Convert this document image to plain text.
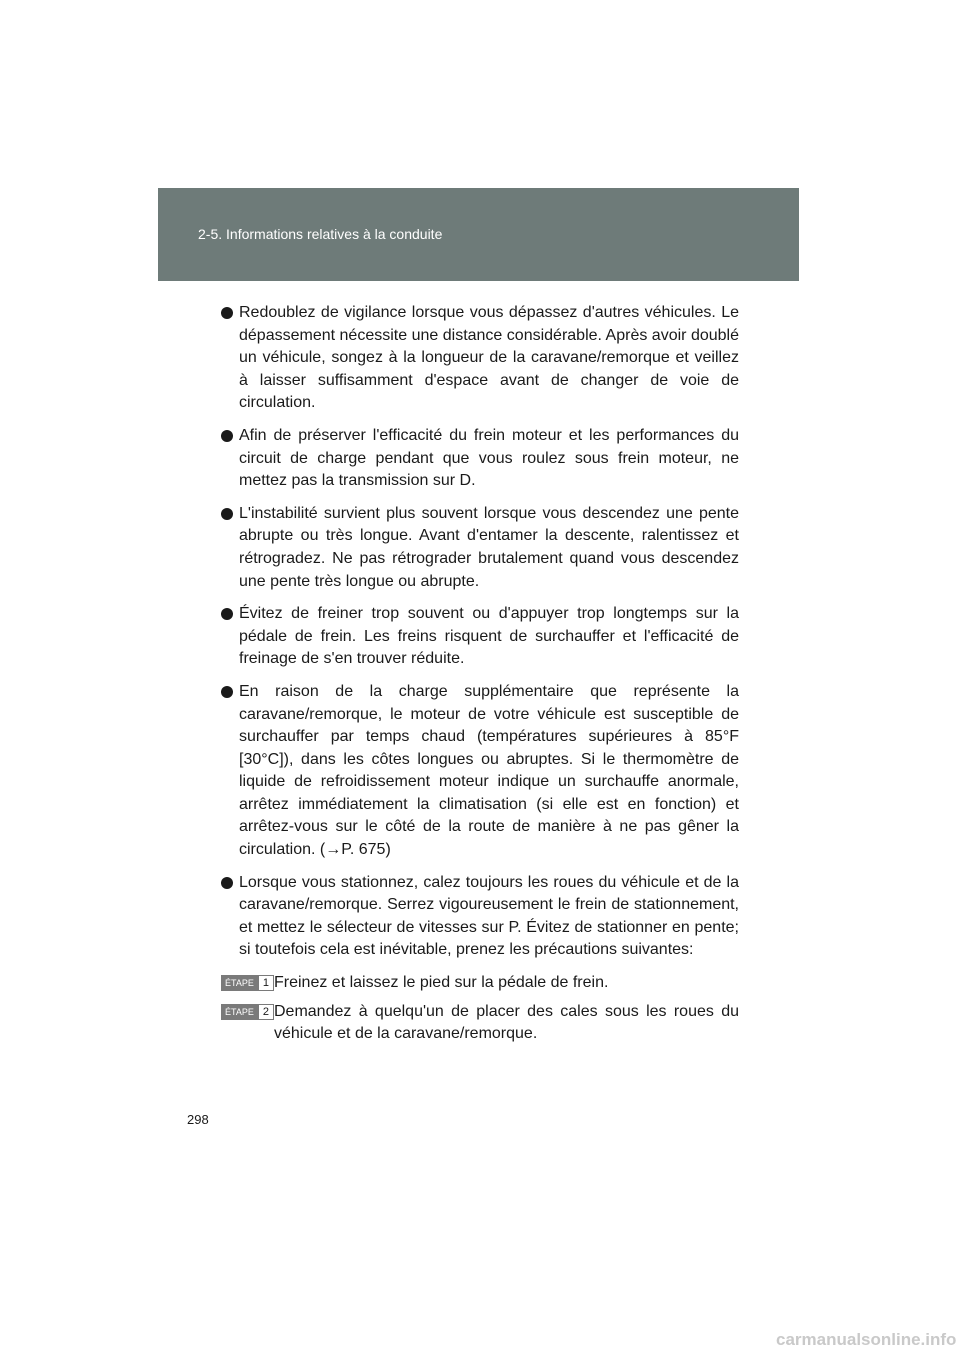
2-5. Informations relatives à la conduite
Redoublez de vigilance lorsque vous dépassez d'autres véhicules. Le dépassement nécessite une distance considérable. Après avoir doublé un véhicule, songez à la longueur de la caravane/remorque et veillez à laisser suffisamment d'espace avant de changer de voie de circulation.
Afin de préserver l'efficacité du frein moteur et les performances du circuit de charge pendant que vous roulez sous frein moteur, ne mettez pas la transmission sur D.
L'instabilité survient plus souvent lorsque vous descendez une pente abrupte ou très longue. Avant d'entamer la descente, ralentissez et rétrogradez. Ne pas rétrograder brutalement quand vous descendez une pente très longue ou abrupte.
Évitez de freiner trop souvent ou d'appuyer trop longtemps sur la pédale de frein. Les freins risquent de surchauffer et l'efficacité de freinage de s'en trouver réduite.
En raison de la charge supplémentaire que représente la caravane/remorque, le moteur de votre véhicule est susceptible de surchauffer par temps chaud (températures supérieures à 85°F [30°C]), dans les côtes longues ou abruptes. Si le thermomètre de liquide de refroidissement moteur indique un surchauffe anormale, arrêtez immédiatement la climatisation (si elle est en fonction) et arrêtez-vous sur le côté de la route de manière à ne pas gêner la circulation. (→P. 675)
Lorsque vous stationnez, calez toujours les roues du véhicule et de la caravane/remorque. Serrez vigoureusement le frein de stationnement, et mettez le sélecteur de vitesses sur P. Évitez de stationner en pente; si toutefois cela est inévitable, prenez les précautions suivantes:
ÉTAPE 1 Freinez et laissez le pied sur la pédale de frein.
ÉTAPE 2 Demandez à quelqu'un de placer des cales sous les roues du véhicule et de la caravane/remorque.
298
carmanualsonline.info
